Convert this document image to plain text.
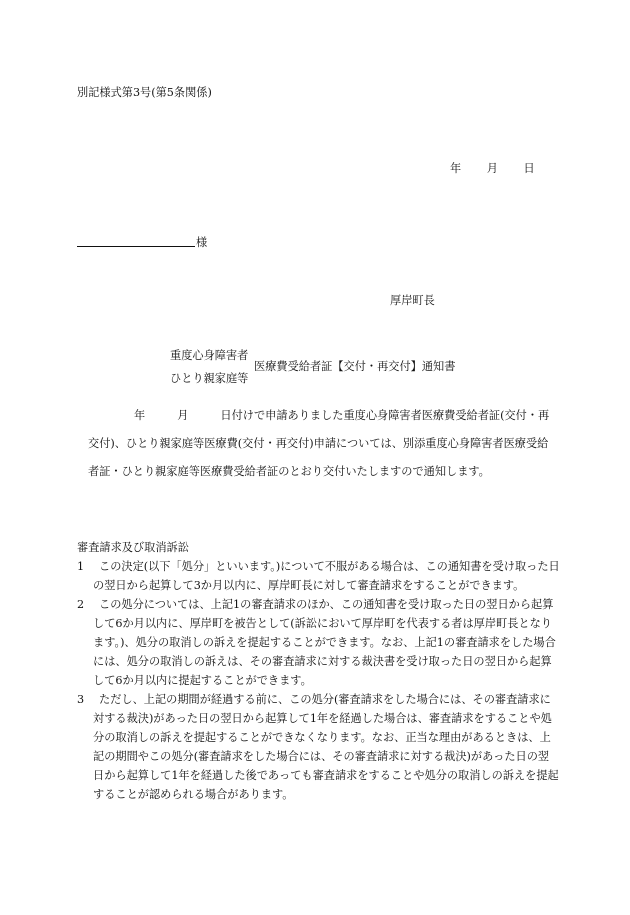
別記様式第3号(第5条関係)
年 月 日
様
厚岸町長
重度心身障害者
ひとり親家庭等
医療費受給者証【交付・再交付】通知書
年	月	日付けで申請ありました重度心身障害者医療費受給者証(交付・再交付)、ひとり親家庭等医療費(交付・再交付)申請については、別添重度心身障害者医療受給者証・ひとり親家庭等医療費受給者証のとおり交付いたしますので通知します。
審査請求及び取消訴訟
1	この決定(以下「処分」といいます。)について不服がある場合は、この通知書を受け取った日の翌日から起算して3か月以内に、厚岸町長に対して審査請求をすることができます。
2	この処分については、上記1の審査請求のほか、この通知書を受け取った日の翌日から起算して6か月以内に、厚岸町を被告として(訴訟において厚岸町を代表する者は厚岸町長となります。)、処分の取消しの訴えを提起することができます。なお、上記1の審査請求をした場合には、処分の取消しの訴えは、その審査請求に対する裁決書を受け取った日の翌日から起算して6か月以内に提起することができます。
3	ただし、上記の期間が経過する前に、この処分(審査請求をした場合には、その審査請求に対する裁決)があった日の翌日から起算して1年を経過した場合は、審査請求をすることや処分の取消しの訴えを提起することができなくなります。なお、正当な理由があるときは、上記の期間やこの処分(審査請求をした場合には、その審査請求に対する裁決)があった日の翌日から起算して1年を経過した後であっても審査請求をすることや処分の取消しの訴えを提起することが認められる場合があります。
